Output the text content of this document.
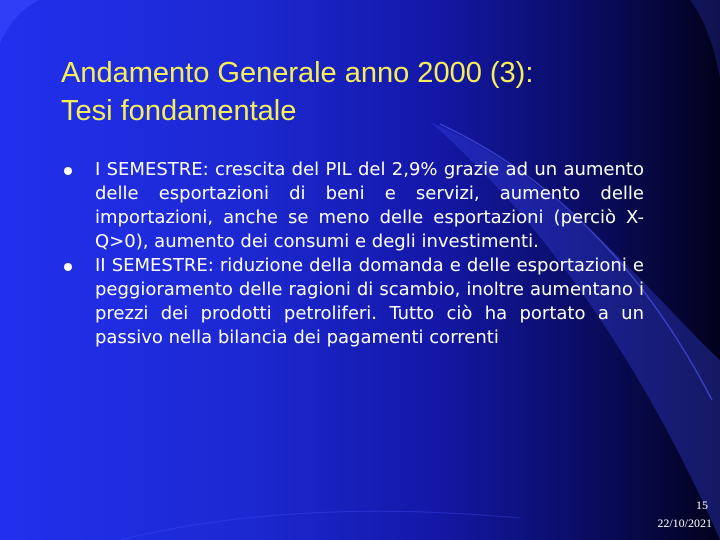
Andamento Generale anno 2000 (3):
Tesi fondamentale
I SEMESTRE: crescita del PIL del 2,9% grazie ad un aumento delle esportazioni di beni e servizi, aumento delle importazioni, anche se meno delle esportazioni (perciò X-Q>0), aumento dei consumi e degli investimenti.
II SEMESTRE: riduzione della domanda e delle esportazioni e peggioramento delle ragioni di scambio, inoltre aumentano i prezzi dei prodotti petroliferi. Tutto ciò ha portato a un passivo nella bilancia dei pagamenti correnti
15
22/10/2021
